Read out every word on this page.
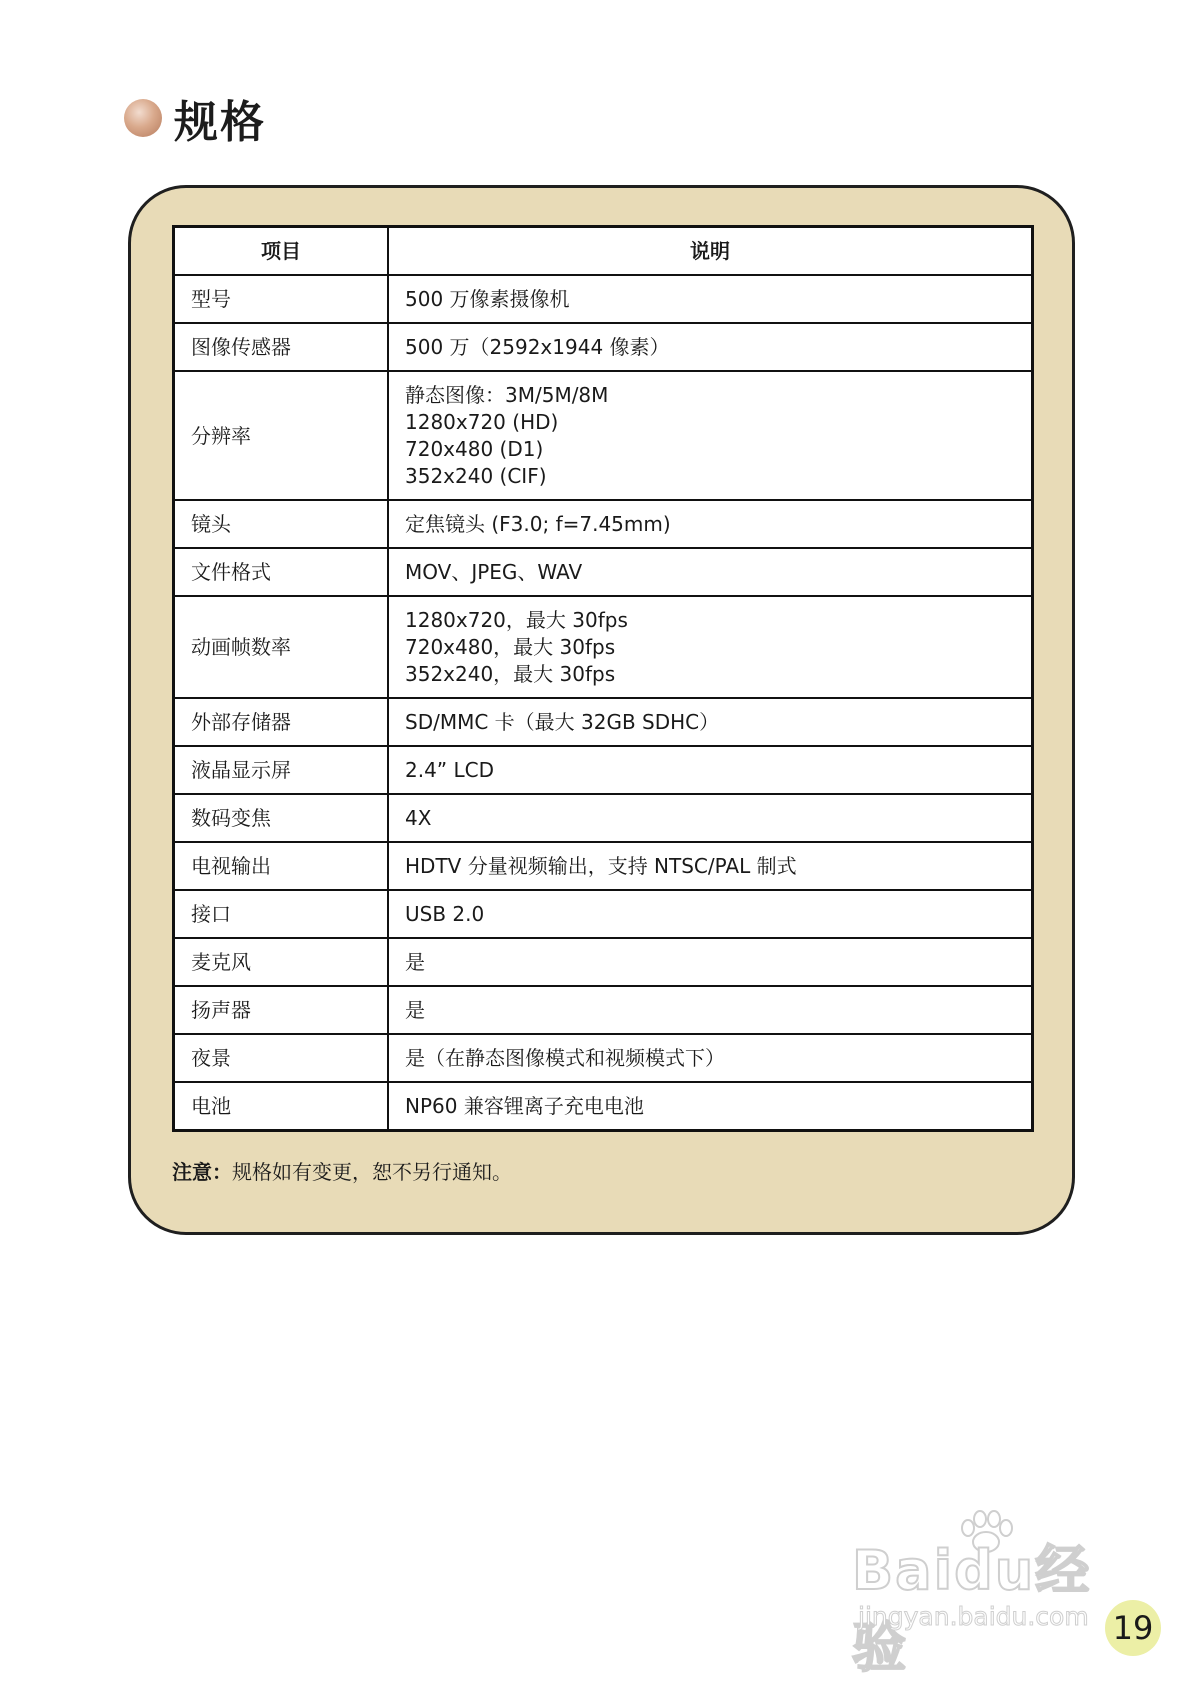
规格
项目	说明
型号	500 万像素摄像机

图像传感器	500 万（2592x1944 像素）

分辨率	静态图像：3M/5M/8M
1280x720 (HD)
720x480 (D1)
352x240 (CIF)

镜头	定焦镜头 (F3.0; f=7.45mm)

文件格式	MOV、JPEG、WAV

动画帧数率	1280x720，最大 30fps
720x480，最大 30fps
352x240，最大 30fps

外部存储器	SD/MMC 卡（最大 32GB SDHC）

液晶显示屏	2.4” LCD

数码变焦	4X

电视输出	HDTV 分量视频输出，支持 NTSC/PAL 制式

接口	USB 2.0

麦克风	是

扬声器	是

夜景	是（在静态图像模式和视频模式下）

电池	NP60 兼容锂离子充电电池
注意：规格如有变更，恕不另行通知。
Baidu经验
jingyan.baidu.com 19
